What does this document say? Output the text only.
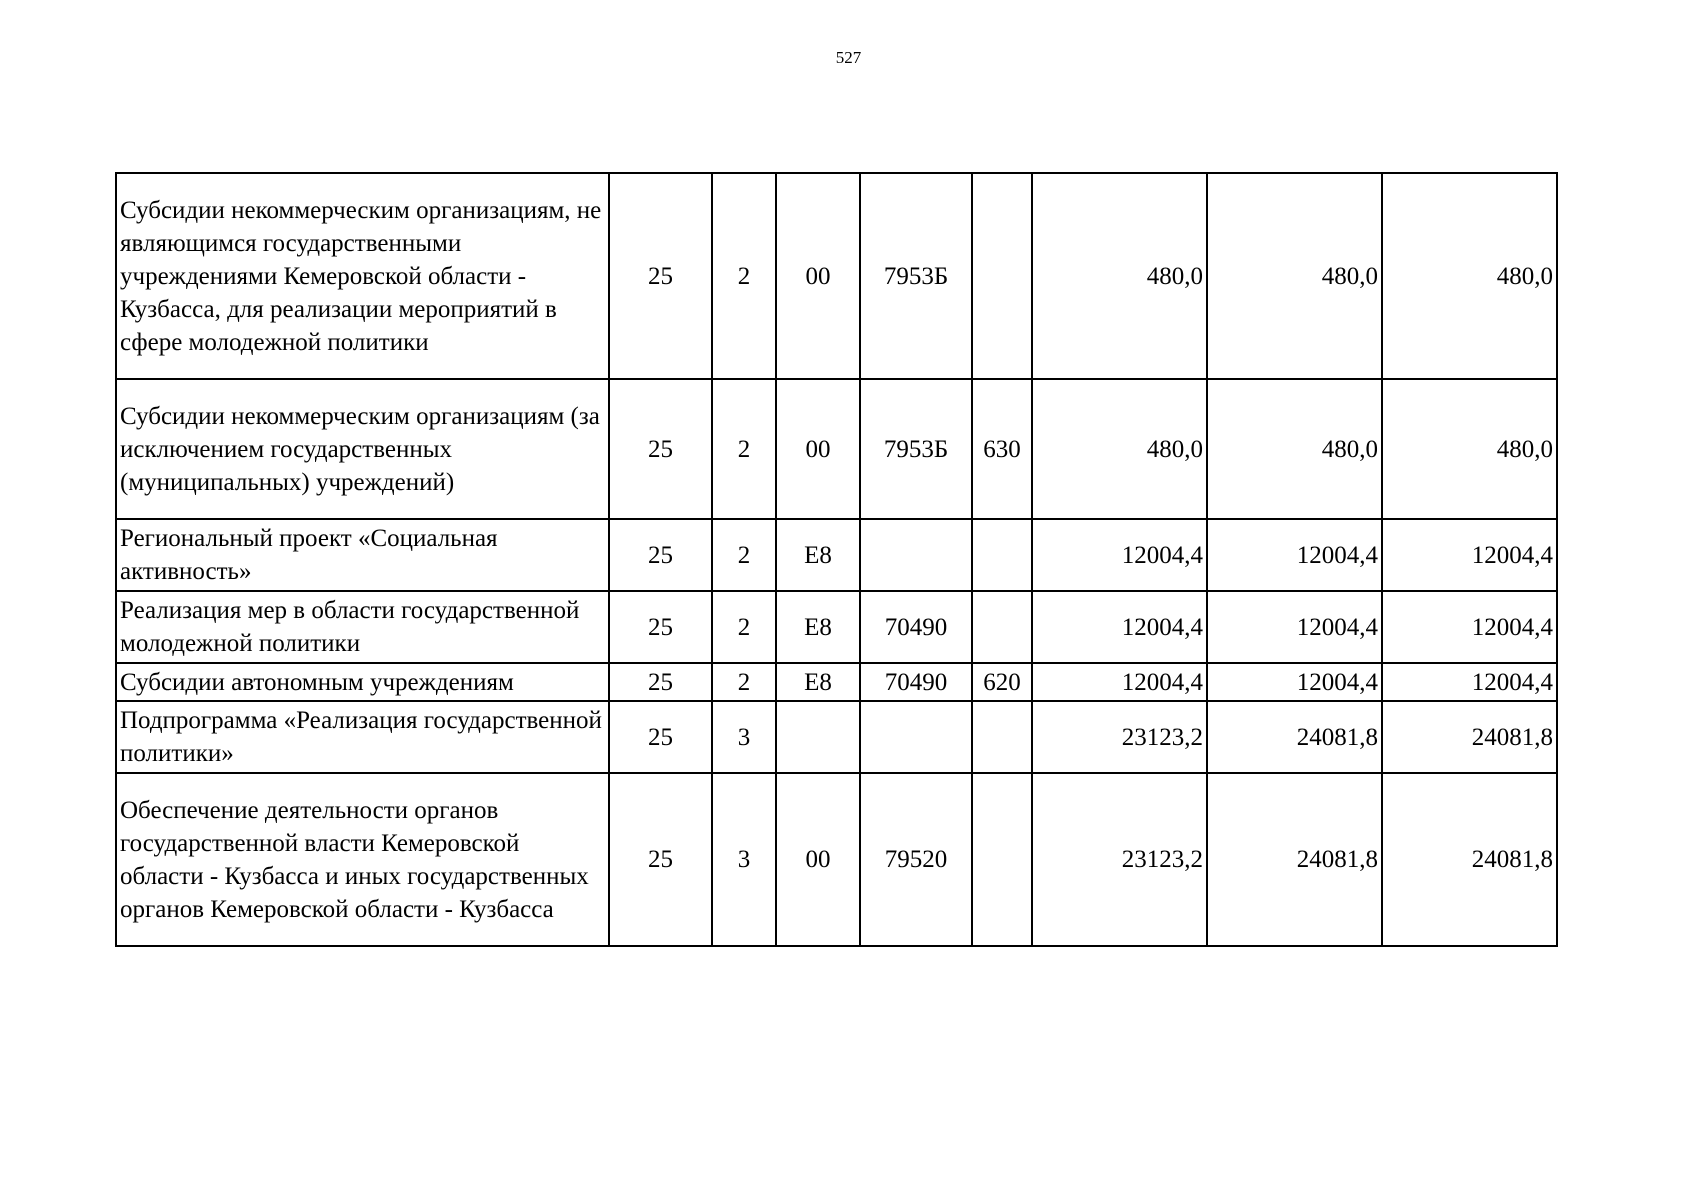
527
Субсидии некоммерческим организациям, не являющимся государственными учреждениями Кемеровской области - Кузбасса, для реализации мероприятий в сфере молодежной политики	25	2	00	7953Б		480,0	480,0	480,0
Субсидии некоммерческим организациям (за исключением государственных (муниципальных) учреждений)	25	2	00	7953Б	630	480,0	480,0	480,0
Региональный проект «Социальная активность»	25	2	E8			12004,4	12004,4	12004,4
Реализация мер в области государственной молодежной политики	25	2	E8	70490		12004,4	12004,4	12004,4
Субсидии автономным учреждениям	25	2	E8	70490	620	12004,4	12004,4	12004,4
Подпрограмма «Реализация государственной политики»	25	3				23123,2	24081,8	24081,8
Обеспечение деятельности органов государственной власти Кемеровской области - Кузбасса и иных государственных органов Кемеровской области - Кузбасса	25	3	00	79520		23123,2	24081,8	24081,8
